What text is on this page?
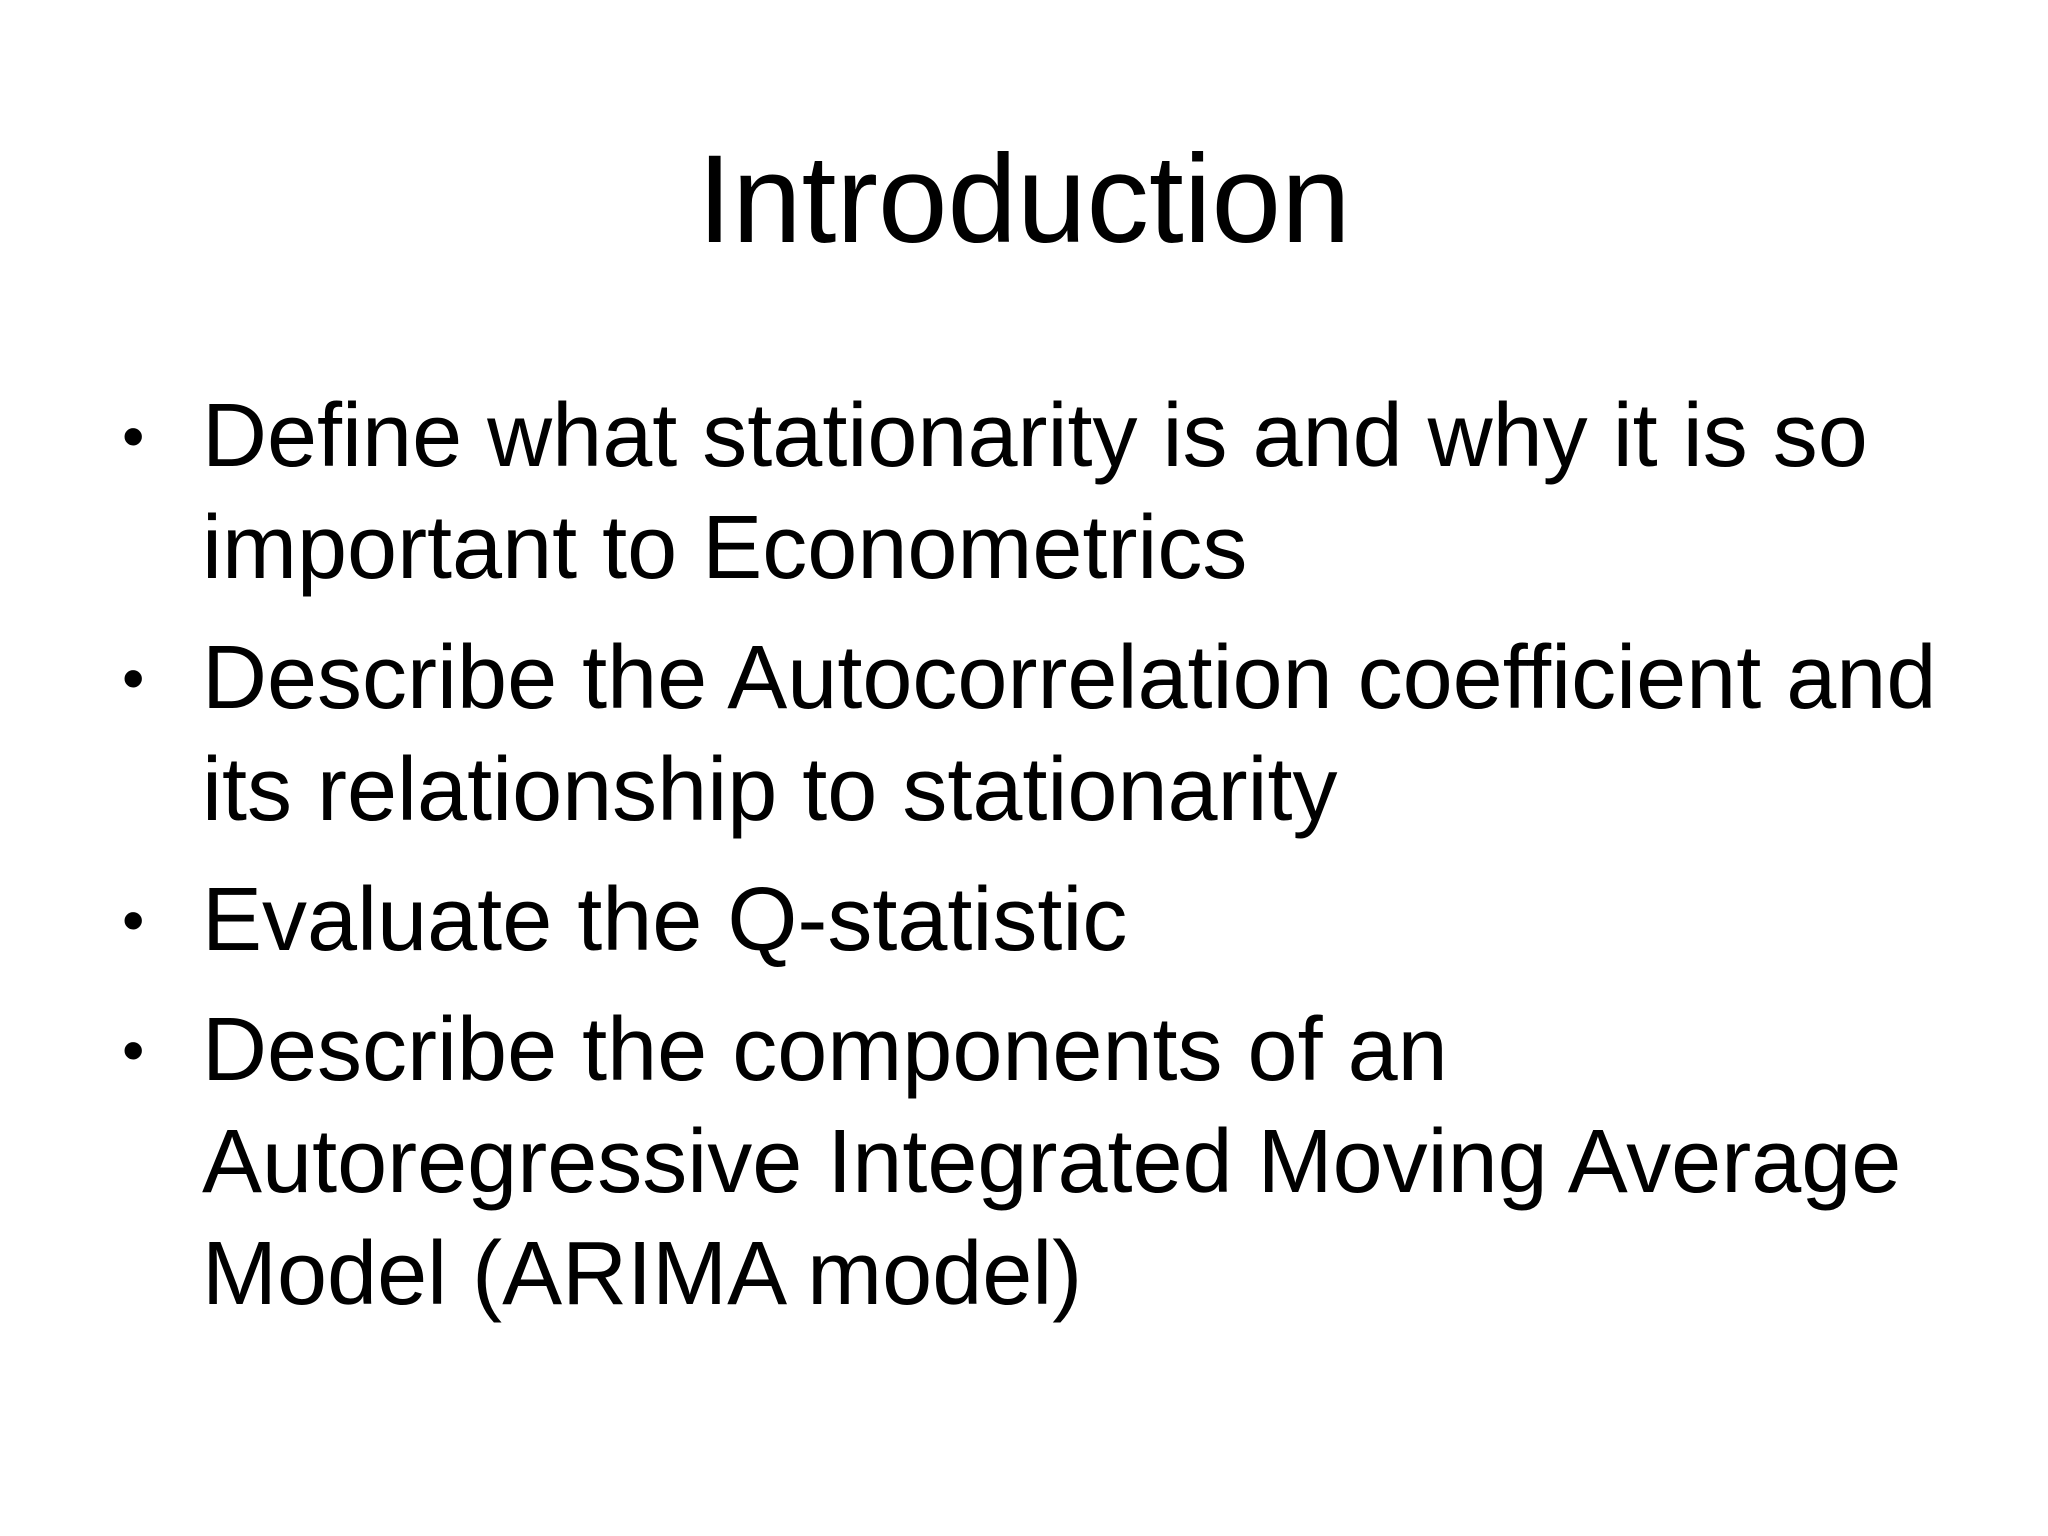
Introduction
• Define what stationarity is and why it is so important to Econometrics
• Describe the Autocorrelation coefficient and its relationship to stationarity
• Evaluate the Q-statistic
• Describe the components of an Autoregressive Integrated Moving Average Model (ARIMA model)
